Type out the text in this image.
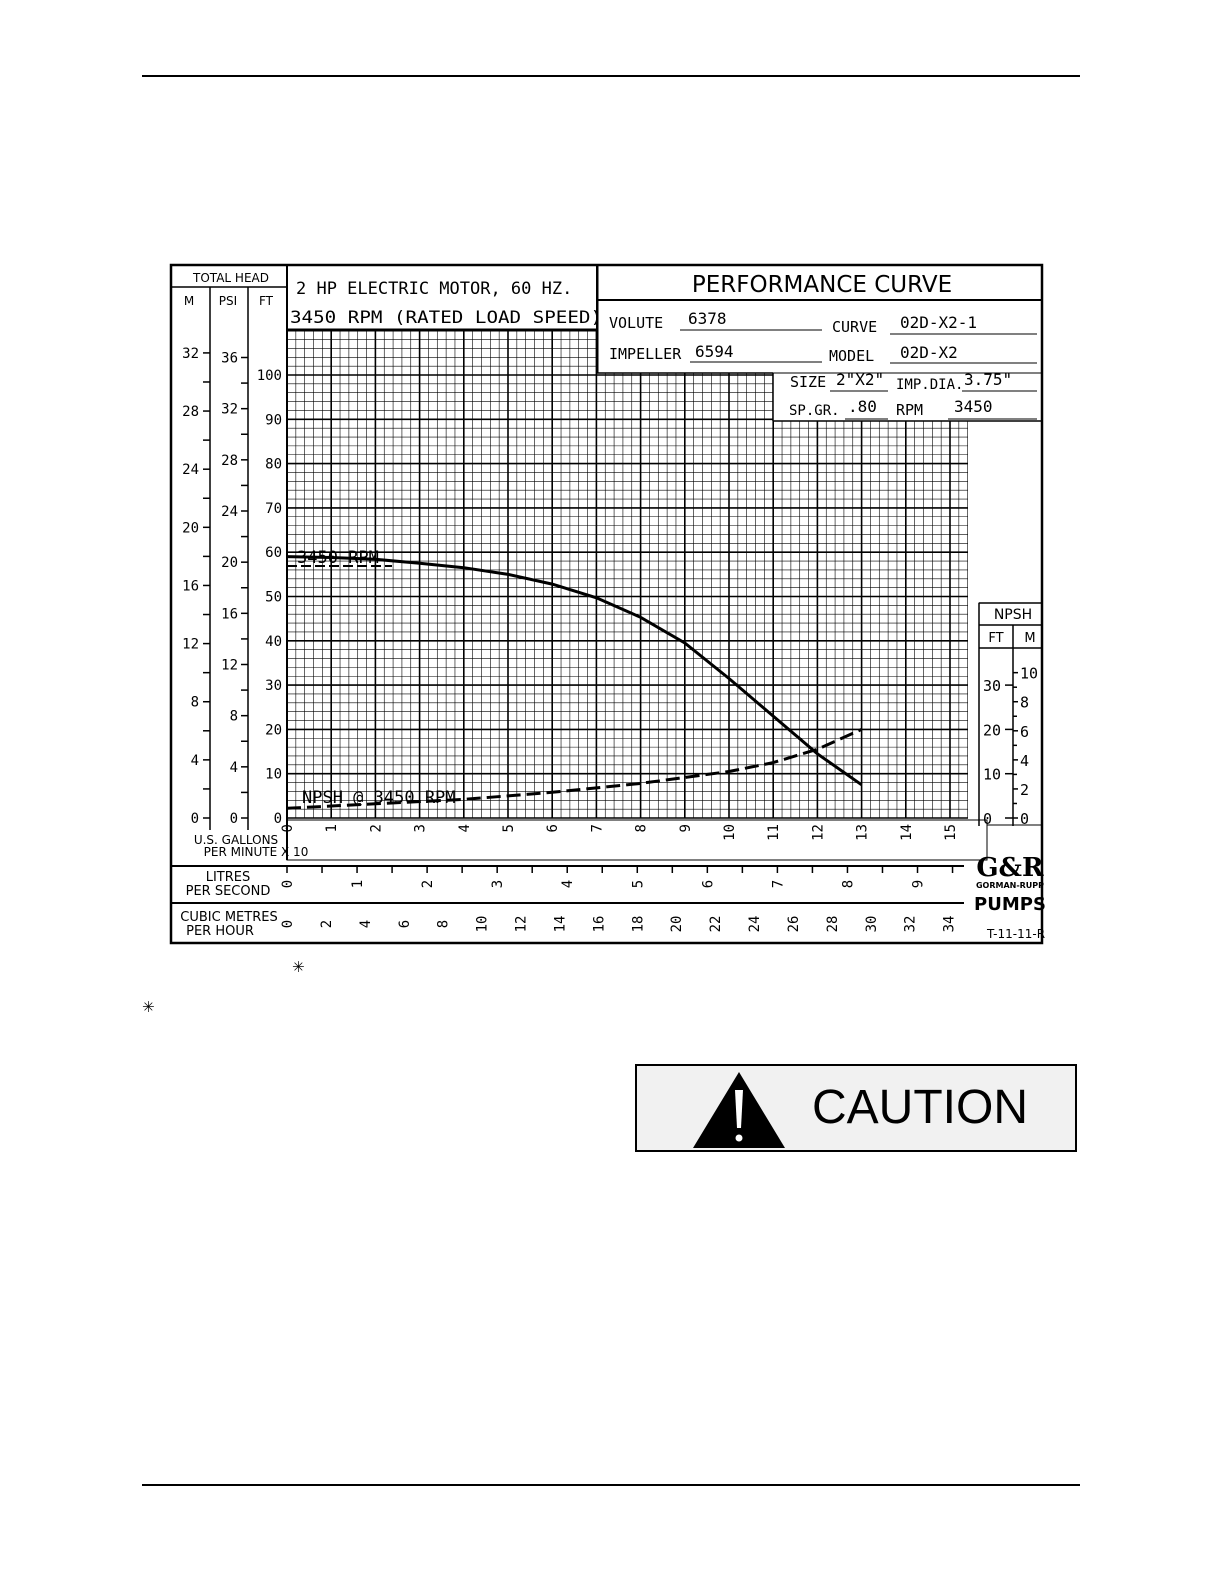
0
4
8
12
16
20
24
28
32
0
4
8
12
16
20
24
28
32
36
0
10
20
30
40
50
60
70
80
90
100
0
10
20
30
0
2
4
6
8
10
0 1 2 3 4 5 6 7 8 9 10 11 12 13 14 15
0	1	2	3	4	5	6	7	8	9
0 2 4 6 8 10 12 14 16 18 20 22 24 26 28 30 32 34
TOTAL HEAD
M PSI FT
2 HP ELECTRIC MOTOR, 60 HZ.
3450 RPM (RATED LOAD SPEED)
PERFORMANCE CURVE
VOLUTE 6378	CURVE 02D-X2-1
IMPELLER 6594	MODEL 02D-X2
SIZE 2"X2" IMP.DIA. 3.75"
SP.GR. .80 RPM 3450
NPSH
FT M
U.S. GALLONS
PER MINUTE X 10
LITRES
PER SECOND
CUBIC METRES
PER HOUR
3450 RPM
NPSH @ 3450 RPM
G&R
GORMAN-RUPP
PUMPS
T-11-11-R
✳
✳
CAUTION
